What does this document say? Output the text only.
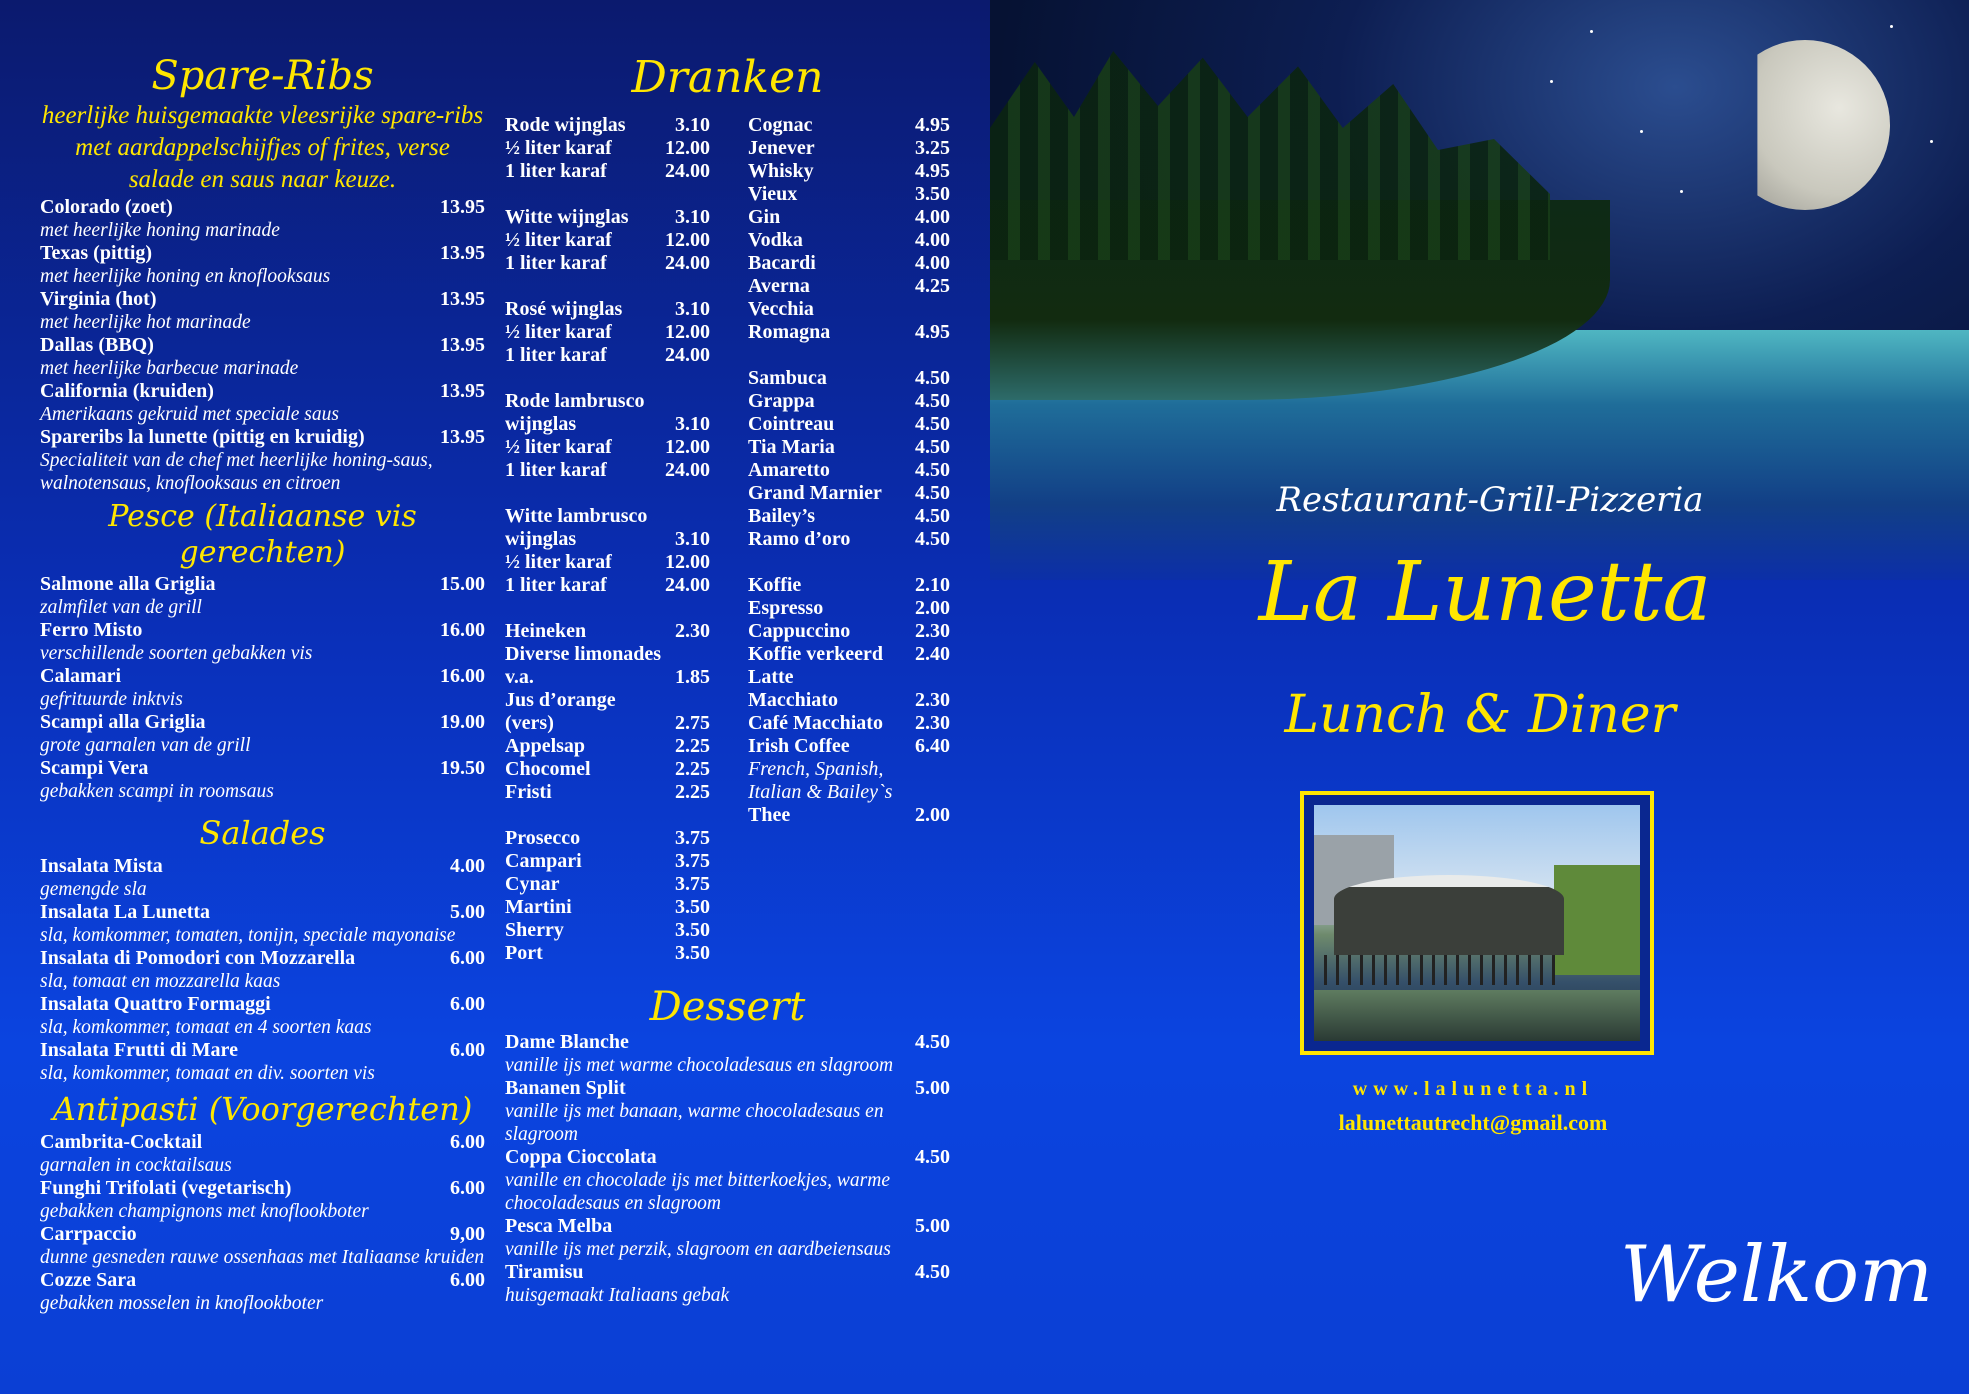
Spare-Ribs
heerlijke huisgemaakte vleesrijke spare-ribs met aardappelschijfjes of frites, verse salade en saus naar keuze.
Colorado (zoet)	13.95
met heerlijke honing marinade
Texas (pittig)	13.95
met heerlijke honing en knoflooksaus
Virginia (hot)	13.95
met heerlijke hot marinade
Dallas (BBQ)	13.95
met heerlijke barbecue marinade
California (kruiden)	13.95
Amerikaans gekruid met speciale saus
Spareribs la lunette (pittig en kruidig)	13.95
Specialiteit van de chef met heerlijke honing-saus, walnotensaus, knoflooksaus en citroen
Pesce (Italiaanse vis gerechten)
Salmone alla Griglia	15.00
zalmfilet van de grill
Ferro Misto	16.00
verschillende soorten gebakken vis
Calamari	16.00
gefrituurde inktvis
Scampi alla Griglia	19.00
grote garnalen van de grill
Scampi Vera	19.50
gebakken scampi in roomsaus
Salades
Insalata Mista	4.00
gemengde sla
Insalata La Lunetta	5.00
sla, komkommer, tomaten, tonijn, speciale mayonaise
Insalata di Pomodori con Mozzarella	6.00
sla, tomaat en mozzarella kaas
Insalata Quattro Formaggi	6.00
sla, komkommer, tomaat en 4 soorten kaas
Insalata Frutti di Mare	6.00
sla, komkommer, tomaat en div. soorten vis
Antipasti (Voorgerechten)
Cambrita-Cocktail	6.00
garnalen in cocktailsaus
Funghi Trifolati (vegetarisch)	6.00
gebakken champignons met knoflookboter
Carrpaccio	9,00
dunne gesneden rauwe ossenhaas met Italiaanse kruiden
Cozze Sara	6.00
gebakken mosselen in knoflookboter
Dranken
Rode wijnglas 3.10
½ liter karaf	12.00
1 liter karaf	24.00
Witte wijnglas 3.10
½ liter karaf	12.00
1 liter karaf	24.00
Rosé wijnglas	3.10
½ liter karaf	12.00
1 liter karaf	24.00
Rode lambrusco
wijnglas	3.10
½ liter karaf	12.00
1 liter karaf	24.00
Witte lambrusco
wijnglas	3.10
½ liter karaf	12.00
1 liter karaf	24.00
Heineken	2.30
Diverse limonades
v.a.	1.85
Jus d’orange
(vers)	2.75
Appelsap	2.25
Chocomel	2.25
Fristi	2.25
Prosecco	3.75
Campari	3.75
Cynar	3.75
Martini	3.50
Sherry	3.50
Port	3.50
Cognac	4.95
Jenever	3.25
Whisky	4.95
Vieux	3.50
Gin	4.00
Vodka	4.00
Bacardi	4.00
Averna	4.25
Vecchia
Romagna	4.95
Sambuca	4.50
Grappa	4.50
Cointreau	4.50
Tia Maria	4.50
Amaretto	4.50
Grand Marnier 4.50
Bailey’s	4.50
Ramo d’oro	4.50
Koffie	2.10
Espresso	2.00
Cappuccino	2.30
Koffie verkeerd 2.40
Latte
Macchiato	2.30
Café Macchiato 2.30
Irish Coffee	6.40
French, Spanish,
Italian & Bailey`s
Thee	2.00
Dessert
Dame Blanche	4.50
vanille ijs met warme chocoladesaus en slagroom
Bananen Split	5.00
vanille ijs met banaan, warme chocoladesaus en slagroom
Coppa Cioccolata	4.50
vanille en chocolade ijs met bitterkoekjes, warme chocoladesaus en slagroom
Pesca Melba	5.00
vanille ijs met perzik, slagroom en aardbeiensaus
Tiramisu	4.50
huisgemaakt Italiaans gebak
Restaurant-Grill-Pizzeria
La Lunetta
Lunch & Diner
www.lalunetta.nl
lalunettautrecht@gmail.com
Welkom
